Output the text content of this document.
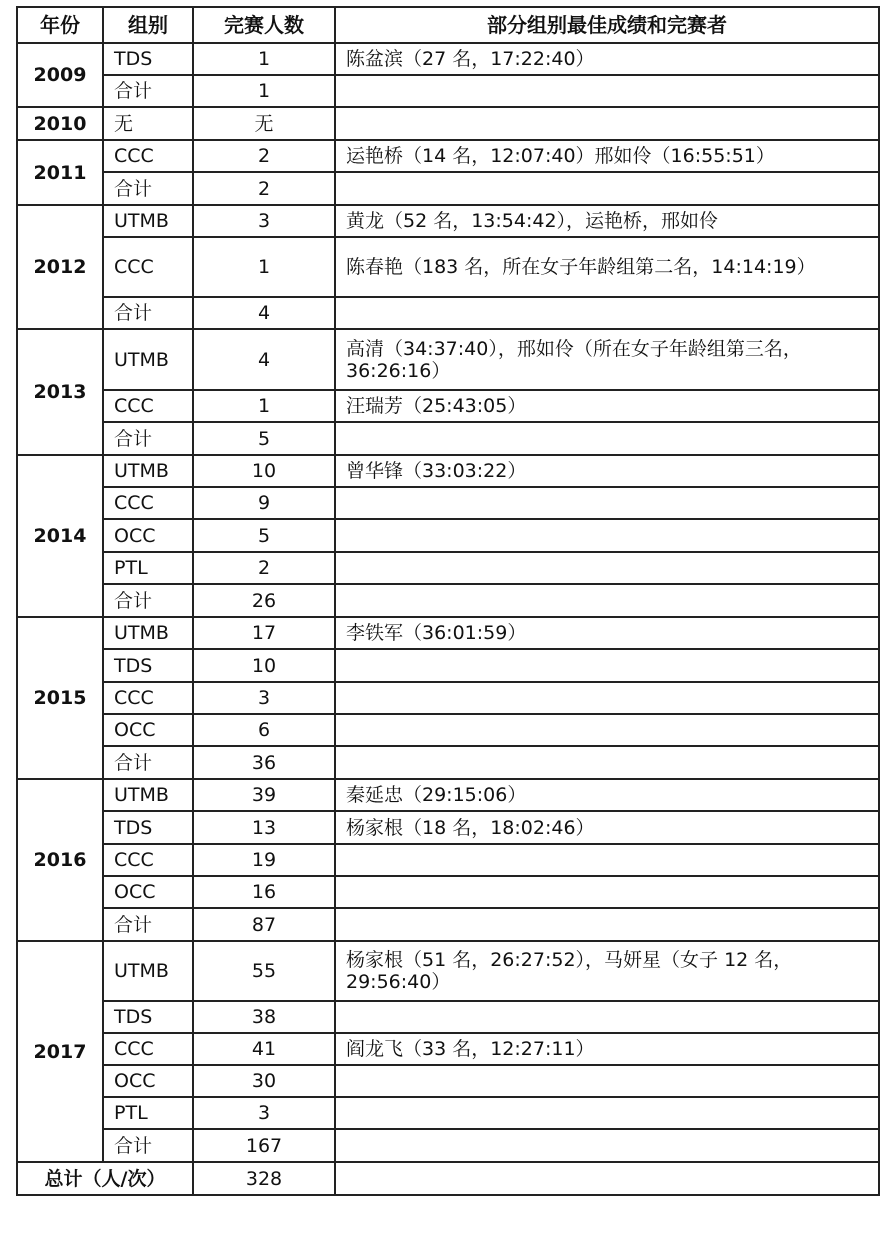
年份	组别	完赛人数	部分组别最佳成绩和完赛者
2009	TDS	1	陈盆滨（27 名，17:22:40）
	合计	1	
2010	无	无	
2011	CCC	2	运艳桥（14 名，12:07:40）邢如伶（16:55:51）
	合计	2	
2012	UTMB	3	黄龙（52 名，13:54:42），运艳桥，邢如伶
	CCC	1	陈春艳（183 名，所在女子年龄组第二名，14:14:19）
	合计	4	
2013	UTMB	4	高清（34:37:40），邢如伶（所在女子年龄组第三名，36:26:16）
	CCC	1	汪瑞芳（25:43:05）
	合计	5	
2014	UTMB	10	曾华锋（33:03:22）
	CCC	9	
	OCC	5	
	PTL	2	
	合计	26	
2015	UTMB	17	李铁军（36:01:59）
	TDS	10	
	CCC	3	
	OCC	6	
	合计	36	
2016	UTMB	39	秦延忠（29:15:06）
	TDS	13	杨家根（18 名，18:02:46）
	CCC	19	
	OCC	16	
	合计	87	
2017	UTMB	55	杨家根（51 名，26:27:52），马妍星（女子 12 名，29:56:40）
	TDS	38	
	CCC	41	阎龙飞（33 名，12:27:11）
	OCC	30	
	PTL	3	
	合计	167	
总计（人/次）		328	
